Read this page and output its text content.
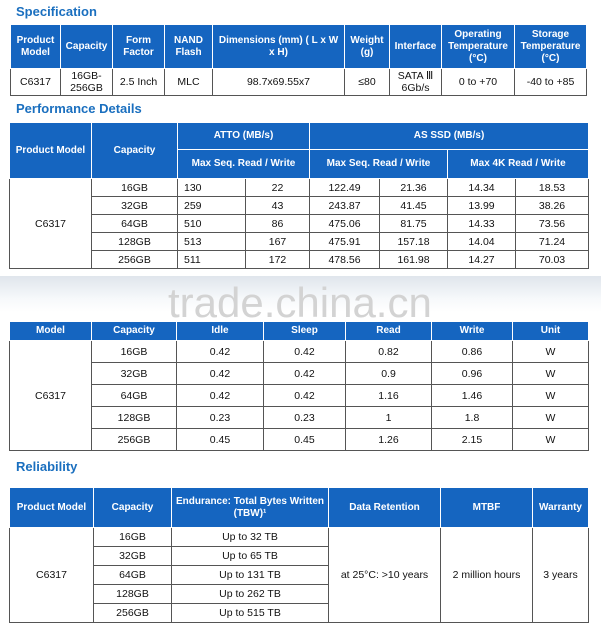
Specification
Product Model	Capacity	Form Factor	NAND Flash	Dimensions (mm) ( L x W x H)	Weight (g)	Interface	Operating Temperature (°C)	Storage Temperature (°C)
C6317	16GB-256GB	2.5 Inch	MLC	98.7x69.55x7	≤80	SATA Ⅲ 6Gb/s	0 to +70	-40 to +85
Performance Details
Product Model	Capacity	ATTO (MB/s)		AS SSD (MB/s)			
		Max Seq. Read / Write		Max Seq. Read / Write		Max 4K Read / Write	
C6317	16GB	130	22	122.49	21.36	14.34	18.53
	32GB	259	43	243.87	41.45	13.99	38.26
	64GB	510	86	475.06	81.75	14.33	73.56
	128GB	513	167	475.91	157.18	14.04	71.24
	256GB	511	172	478.56	161.98	14.27	70.03
Model	Capacity	Idle	Sleep	Read	Write	Unit
C6317	16GB	0.42	0.42	0.82	0.86	W
	32GB	0.42	0.42	0.9	0.96	W
	64GB	0.42	0.42	1.16	1.46	W
	128GB	0.23	0.23	1	1.8	W
	256GB	0.45	0.45	1.26	2.15	W
trade.china.cn
Reliability
Product Model	Capacity	Endurance: Total Bytes Written (TBW)¹	Data Retention	MTBF	Warranty
C6317	16GB	Up to 32 TB	at 25°C: >10 years	2 million hours	3 years
	32GB	Up to 65 TB			
	64GB	Up to 131 TB			
	128GB	Up to 262 TB			
	256GB	Up to 515 TB			
